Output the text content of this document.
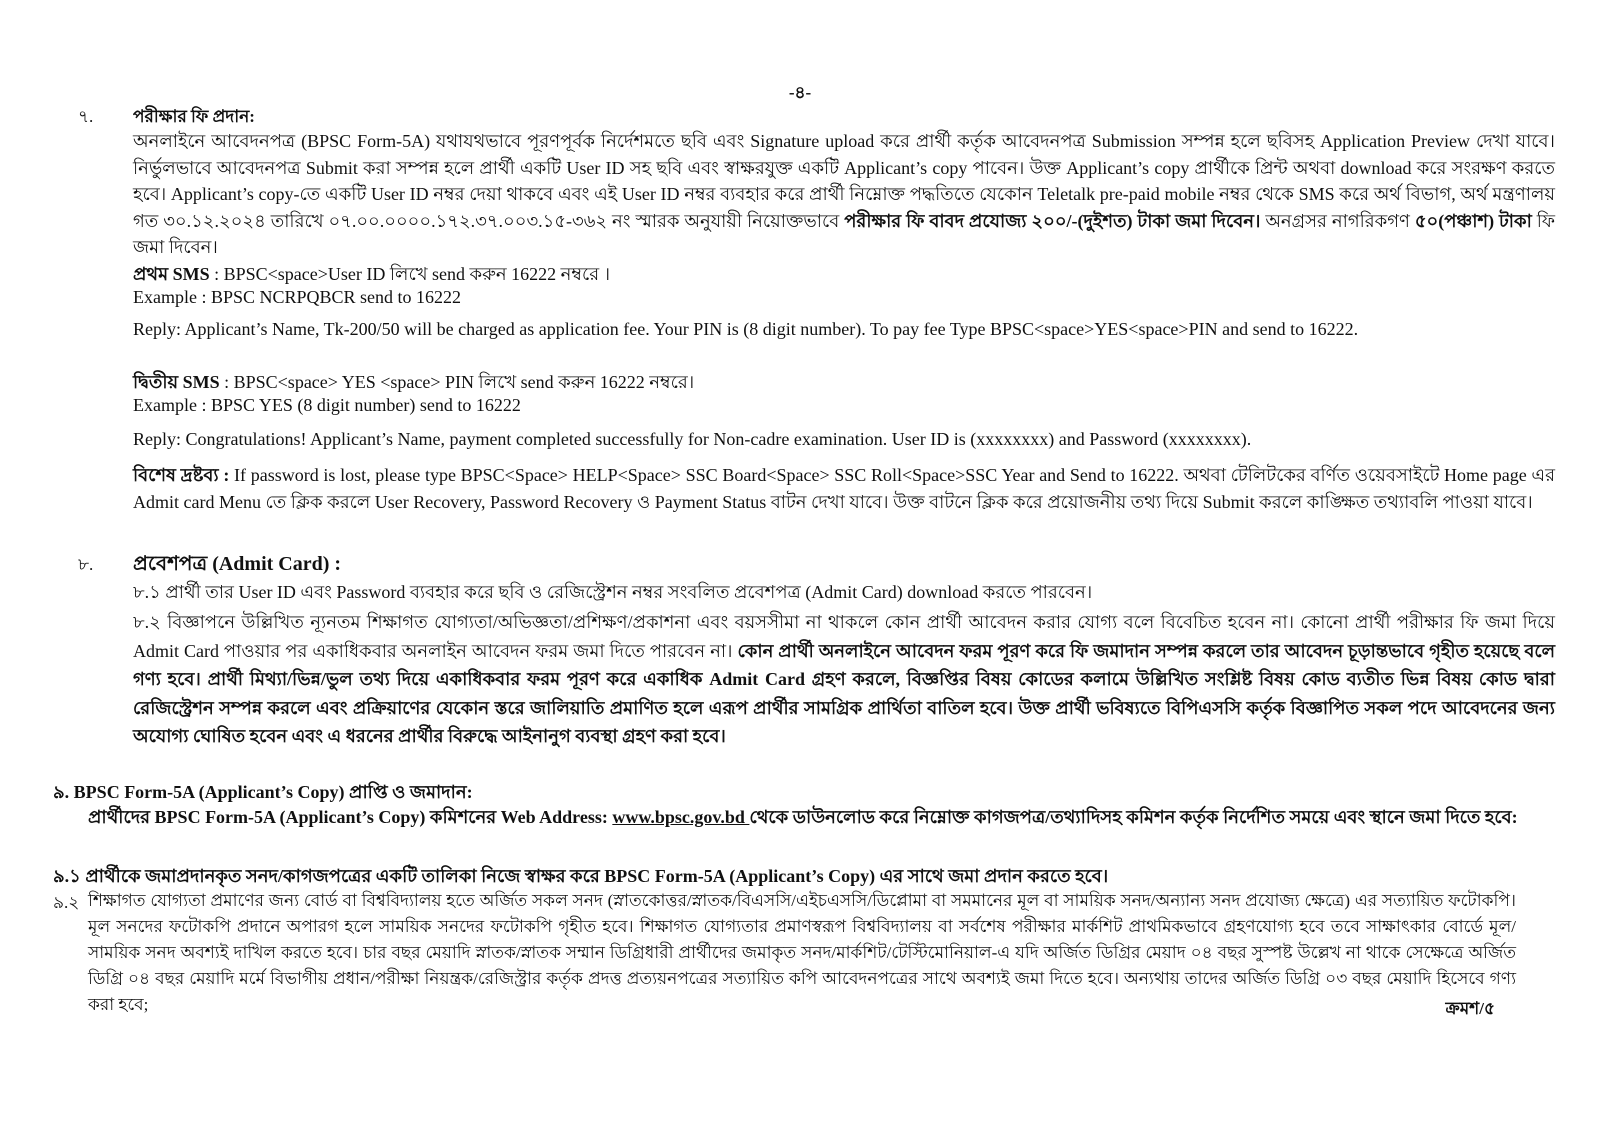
-৪-
৭. পরীক্ষার ফি প্রদান:
অনলাইনে আবেদনপত্র (BPSC Form-5A) যথাযথভাবে পূরণপূর্বক নির্দেশমতে ছবি এবং Signature upload করে প্রার্থী কর্তৃক আবেদনপত্র Submission সম্পন্ন হলে ছবিসহ Application Preview দেখা যাবে। নির্ভুলভাবে আবেদনপত্র Submit করা সম্পন্ন হলে প্রার্থী একটি User ID সহ ছবি এবং স্বাক্ষরযুক্ত একটি Applicant’s copy পাবেন। উক্ত Applicant’s copy প্রার্থীকে প্রিন্ট অথবা download করে সংরক্ষণ করতে হবে। Applicant’s copy-তে একটি User ID নম্বর দেয়া থাকবে এবং এই User ID নম্বর ব্যবহার করে প্রার্থী নিম্নোক্ত পদ্ধতিতে যেকোন Teletalk pre-paid mobile নম্বর থেকে SMS করে অর্থ বিভাগ, অর্থ মন্ত্রণালয় গত ৩০.১২.২০২৪ তারিখে ০৭.০০.০০০০.১৭২.৩৭.০০৩.১৫-৩৬২ নং স্মারক অনুযায়ী নিয়োক্তভাবে পরীক্ষার ফি বাবদ প্রযোজ্য ২০০/-(দুইশত) টাকা জমা দিবেন। অনগ্রসর নাগরিকগণ ৫০(পঞ্চাশ) টাকা ফি জমা দিবেন।
প্রথম SMS : BPSC<space>User ID লিখে send করুন 16222 নম্বরে ।
Example : BPSC NCRPQBCR send to 16222
Reply: Applicant’s Name, Tk-200/50 will be charged as application fee. Your PIN is (8 digit number). To pay fee Type BPSC<space>YES<space>PIN and send to 16222.
দ্বিতীয় SMS : BPSC<space> YES <space> PIN লিখে send করুন 16222 নম্বরে।
Example : BPSC YES (8 digit number) send to 16222
Reply: Congratulations! Applicant’s Name, payment completed successfully for Non-cadre examination. User ID is (xxxxxxxx) and Password (xxxxxxxx).
বিশেষ দ্রষ্টব্য : If password is lost, please type BPSC<Space> HELP<Space> SSC Board<Space> SSC Roll<Space>SSC Year and Send to 16222. অথবা টেলিটকের বর্ণিত ওয়েবসাইটে Home page এর Admit card Menu তে ক্লিক করলে User Recovery, Password Recovery ও Payment Status বাটন দেখা যাবে। উক্ত বাটনে ক্লিক করে প্রয়োজনীয় তথ্য দিয়ে Submit করলে কাঙ্ক্ষিত তথ্যাবলি পাওয়া যাবে।
৮. প্রবেশপত্র (Admit Card) :
৮.১ প্রার্থী তার User ID এবং Password ব্যবহার করে ছবি ও রেজিস্ট্রেশন নম্বর সংবলিত প্রবেশপত্র (Admit Card) download করতে পারবেন।
৮.২ বিজ্ঞাপনে উল্লিখিত ন্যূনতম শিক্ষাগত যোগ্যতা/অভিজ্ঞতা/প্রশিক্ষণ/প্রকাশনা এবং বয়সসীমা না থাকলে কোন প্রার্থী আবেদন করার যোগ্য বলে বিবেচিত হবেন না। কোনো প্রার্থী পরীক্ষার ফি জমা দিয়ে Admit Card পাওয়ার পর একাধিকবার অনলাইন আবেদন ফরম জমা দিতে পারবেন না। কোন প্রার্থী অনলাইনে আবেদন ফরম পূরণ করে ফি জমাদান সম্পন্ন করলে তার আবেদন চূড়ান্তভাবে গৃহীত হয়েছে বলে গণ্য হবে। প্রার্থী মিথ্যা/ভিন্ন/ভুল তথ্য দিয়ে একাধিকবার ফরম পূরণ করে একাধিক Admit Card গ্রহণ করলে, বিজ্ঞপ্তির বিষয় কোডের কলামে উল্লিখিত সংশ্লিষ্ট বিষয় কোড ব্যতীত ভিন্ন বিষয় কোড দ্বারা রেজিস্ট্রেশন সম্পন্ন করলে এবং প্রক্রিয়াণের যেকোন স্তরে জালিয়াতি প্রমাণিত হলে এরূপ প্রার্থীর সামগ্রিক প্রার্থিতা বাতিল হবে। উক্ত প্রার্থী ভবিষ্যতে বিপিএসসি কর্তৃক বিজ্ঞাপিত সকল পদে আবেদনের জন্য অযোগ্য ঘোষিত হবেন এবং এ ধরনের প্রার্থীর বিরুদ্ধে আইনানুগ ব্যবস্থা গ্রহণ করা হবে।
৯. BPSC Form-5A (Applicant’s Copy) প্রাপ্তি ও জমাদান:
প্রার্থীদের BPSC Form-5A (Applicant’s Copy) কমিশনের Web Address: www.bpsc.gov.bd থেকে ডাউনলোড করে নিম্নোক্ত কাগজপত্র/তথ্যাদিসহ কমিশন কর্তৃক নির্দেশিত সময়ে এবং স্থানে জমা দিতে হবে:
৯.১ প্রার্থীকে জমাপ্রদানকৃত সনদ/কাগজপত্রের একটি তালিকা নিজে স্বাক্ষর করে BPSC Form-5A (Applicant’s Copy) এর সাথে জমা প্রদান করতে হবে।
৯.২ শিক্ষাগত যোগ্যতা প্রমাণের জন্য বোর্ড বা বিশ্ববিদ্যালয় হতে অর্জিত সকল সনদ (স্নাতকোত্তর/স্নাতক/বিএসসি/এইচএসসি/ডিপ্লোমা বা সমমানের মূল বা সাময়িক সনদ/অন্যান্য সনদ প্রযোজ্য ক্ষেত্রে) এর সত্যায়িত ফটোকপি। মূল সনদের ফটোকপি প্রদানে অপারগ হলে সাময়িক সনদের ফটোকপি গৃহীত হবে। শিক্ষাগত যোগ্যতার প্রমাণস্বরূপ বিশ্ববিদ্যালয় বা সর্বশেষ পরীক্ষার মার্কশিট প্রাথমিকভাবে গ্রহণযোগ্য হবে তবে সাক্ষাৎকার বোর্ডে মূল/সাময়িক সনদ অবশ্যই দাখিল করতে হবে। চার বছর মেয়াদি স্নাতক/স্নাতক সম্মান ডিগ্রিধারী প্রার্থীদের জমাকৃত সনদ/মার্কশিট/টেস্টিমোনিয়াল-এ যদি অর্জিত ডিগ্রির মেয়াদ ০৪ বছর সুস্পষ্ট উল্লেখ না থাকে সেক্ষেত্রে অর্জিত ডিগ্রি ০৪ বছর মেয়াদি মর্মে বিভাগীয় প্রধান/পরীক্ষা নিয়ন্ত্রক/রেজিস্ট্রার কর্তৃক প্রদত্ত প্রত্যয়নপত্রের সত্যায়িত কপি আবেদনপত্রের সাথে অবশ্যই জমা দিতে হবে। অন্যথায় তাদের অর্জিত ডিগ্রি ০৩ বছর মেয়াদি হিসেবে গণ্য করা হবে;	ক্রমশ/৫
